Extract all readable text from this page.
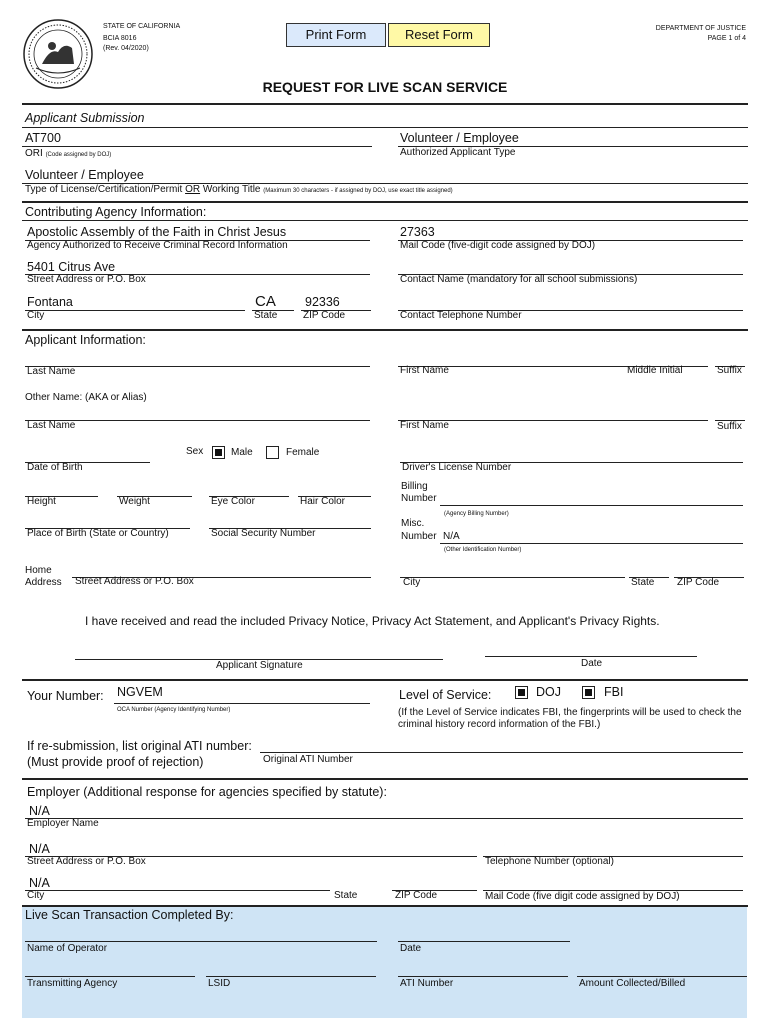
STATE OF CALIFORNIA
BCIA 8016
(Rev. 04/2020)
Print Form	Reset Form	DEPARTMENT OF JUSTICE
PAGE 1 of 4
REQUEST FOR LIVE SCAN SERVICE
Applicant Submission
AT700
ORI (Code assigned by DOJ)
Volunteer / Employee
Authorized Applicant Type
Volunteer / Employee
Type of License/Certification/Permit OR Working Title (Maximum 30 characters - if assigned by DOJ, use exact title assigned)
Contributing Agency Information:
Apostolic Assembly of the Faith in Christ Jesus
Agency Authorized to Receive Criminal Record Information
27363
Mail Code (five-digit code assigned by DOJ)
5401 Citrus Ave
Street Address or P.O. Box	Contact Name (mandatory for all school submissions)
Fontana
City
CA
State
92336
ZIP Code	Contact Telephone Number
Applicant Information:
Last Name	First Name	Middle Initial	Suffix
Other Name: (AKA or Alias)
Last Name	First Name	Suffix
Sex	Male	Female
Date of Birth	Driver's License Number
Billing
Number
(Agency Billing Number)
Height	Weight	Eye Color	Hair Color
Place of Birth (State or Country)	Social Security Number
Misc.
Number N/A
(Other Identification Number)
Home
Address Street Address or P.O. Box	City	State ZIP Code
I have received and read the included Privacy Notice, Privacy Act Statement, and Applicant's Privacy Rights.
Applicant Signature	Date
Your Number: NGVEM
OCA Number (Agency Identifying Number)
Level of Service:	DOJ	FBI
(If the Level of Service indicates FBI, the fingerprints will be used to check the
criminal history record information of the FBI.)
If re-submission, list original ATI number:
(Must provide proof of rejection)	Original ATI Number
Employer (Additional response for agencies specified by statute):
N/A
Employer Name
N/A
Street Address or P.O. Box	Telephone Number (optional)
N/A
City	State	ZIP Code	Mail Code (five digit code assigned by DOJ)
Live Scan Transaction Completed By:
Name of Operator	Date
Transmitting Agency	LSID	ATI Number	Amount Collected/Billed
